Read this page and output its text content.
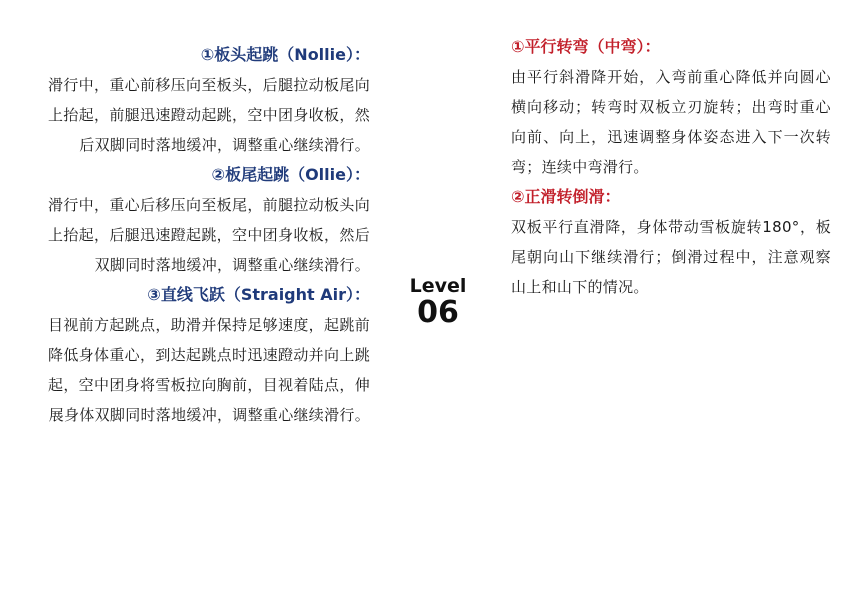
①板头起跳（Nollie）：
滑行中，重心前移压向至板头，后腿拉动板尾向上抬起，前腿迅速蹬动起跳，空中团身收板，然后双脚同时落地缓冲，调整重心继续滑行。
②板尾起跳（Ollie）：
滑行中，重心后移压向至板尾，前腿拉动板头向上抬起，后腿迅速蹬起跳，空中团身收板，然后双脚同时落地缓冲，调整重心继续滑行。
③直线飞跃（Straight Air）：
目视前方起跳点，助滑并保持足够速度，起跳前降低身体重心，到达起跳点时迅速蹬动并向上跳起，空中团身将雪板拉向胸前，目视着陆点，伸展身体双脚同时落地缓冲，调整重心继续滑行。
Level
06
①平行转弯（中弯）：
由平行斜滑降开始，入弯前重心降低并向圆心横向移动；转弯时双板立刃旋转；出弯时重心向前、向上，迅速调整身体姿态进入下一次转弯；连续中弯滑行。
②正滑转倒滑：
双板平行直滑降，身体带动雪板旋转180°，板尾朝向山下继续滑行；倒滑过程中，注意观察山上和山下的情况。
